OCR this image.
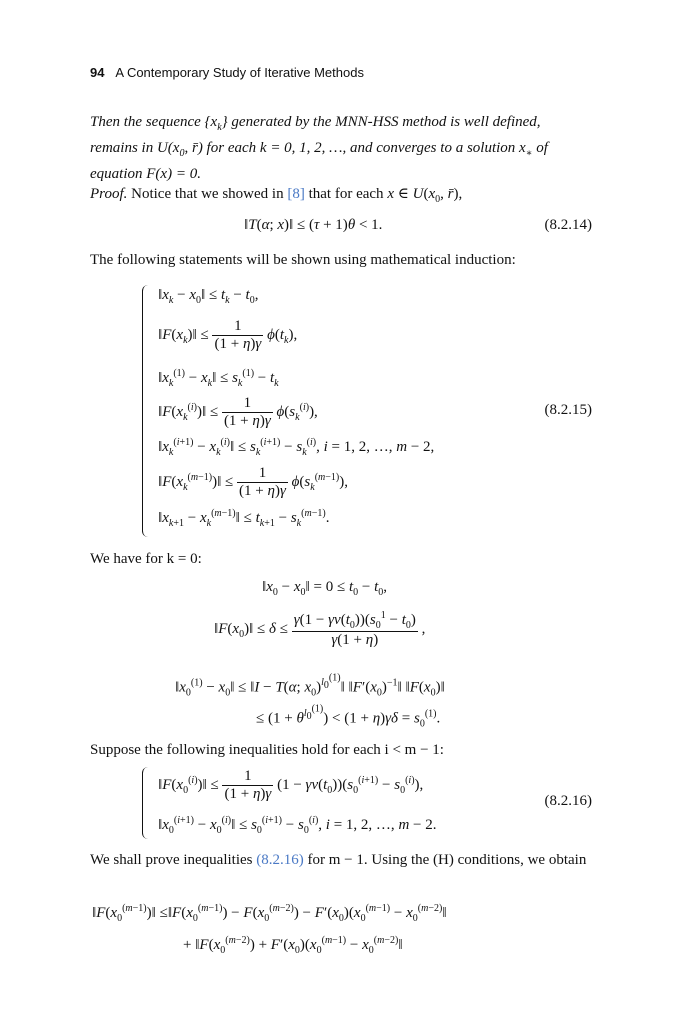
94 A Contemporary Study of Iterative Methods
Then the sequence $\{x_k\}$ generated by the MNN-HSS method is well defined, remains in $U(x_0$, r̄) for each k = 0, 1, 2, …, and converges to a solution $x_∗$ of equation F(x) = 0.
Proof. Notice that we showed in [8] that for each x ∈ $U(x_0$, r̄),
‖T(α; x)‖ ≤ (τ + 1)θ < 1.	(8.2.14)
The following statements will be shown using mathematical induction:
$‖x_k$ − $x_0‖ \le t_k - t_0$,
$‖F(x_k)‖ \le \frac{1}{(1 + \eta)\gamma} \phi(t_k)$,
$‖x_k^{(1)}$ − $x_k‖ \le s_k^{(1)} - t_k$
$‖F(x_k^{(i)})‖ \le \frac{1}{(1 + \eta)\gamma} \phi(s_k^{(i)})$,	(8.2.15)
$‖x_k^{(i+1)}$ − $x_k^{(i)}‖ \le s_k^{(i+1)} - s_k^{(i)}$, i = 1, 2, …, m − 2,
$‖F(x_k^{(m-1)})‖ \le \frac{1}{(1 + \eta)\gamma} \phi(s_k^{(m-1)})$,
$‖x_{k+1}$ − $x_k^{(m-1)}‖ \le t_{k+1} - s_k^{(m-1)}$.
We have for k = 0:
$‖x_0$ − $x_0‖ = 0 \le t_0 - t_0$,
$‖F(x_0)‖ \le \delta \le \frac{\gamma(1 - \gamma v(t_0))(s_0^1 - t_0)}{\gamma(1 + \eta)}$ ,
$‖x_0^{(1)}$ − $x_0‖$ ≤ ‖I − T(α; $x_0)^{l_0^{(1)}}‖$ $‖F'(x_0)^{-1}‖$ $‖F(x_0)‖$
≤ $(1 + \theta^{l_0^{(1)}}) < (1 + \eta)\gamma\delta = s_0^{(1)}$.
Suppose the following inequalities hold for each i < m − 1:
$‖F(x_0^{(i)})‖ \le \frac{1}{(1 + \eta)\gamma} (1 - \gamma v(t_0))(s_0^{(i+1)} - s_0^{(i)})$,
(8.2.16)
$‖x_0^{(i+1)}$ − $x_0^{(i)}‖ \le s_0^{(i+1)} - s_0^{(i)}$, i = 1, 2, …, m − 2.
We shall prove inequalities (8.2.16) for m − 1. Using the (H) conditions, we obtain
$‖F(x_0^{(m-1)})‖$ $\le‖F(x_0^{(m-1)}) - F(x_0^{(m-2)}) - F'(x_0)(x_0^{(m-1)}$ − $x_0^{(m-2)}‖$
+ $‖F(x_0^{(m-2)}) + F'(x_0)(x_0^{(m-1)}$ − $x_0^{(m-2)}‖$
